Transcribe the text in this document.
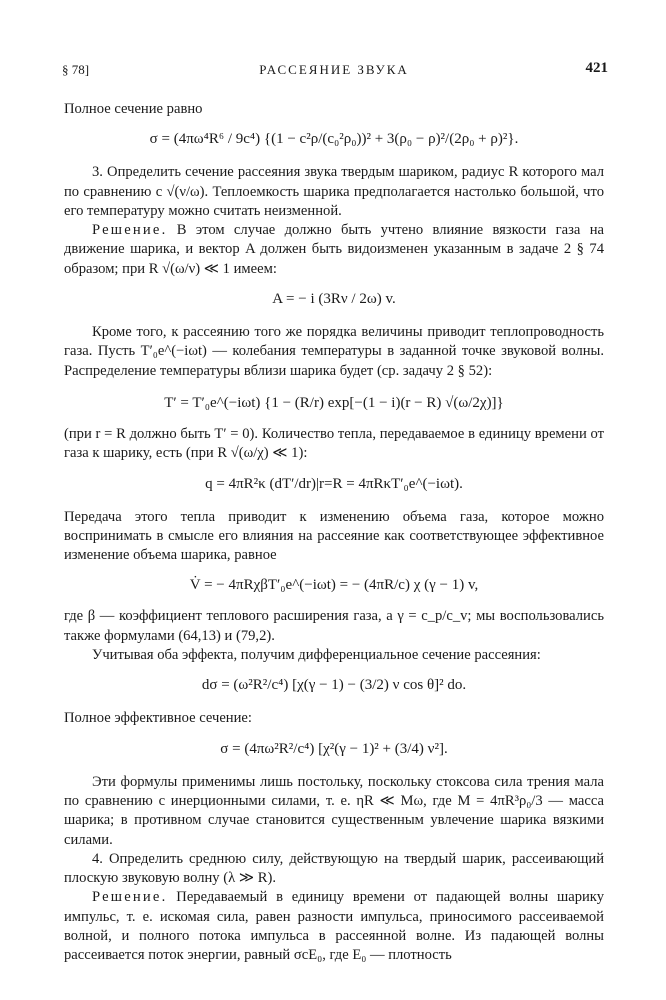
§ 78]	РАССЕЯНИЕ ЗВУКА	421

Полное сечение равно

σ = (4πω⁴R⁶ / 9c⁴) {(1 − c²ρ/(c₀²ρ₀))² + 3(ρ₀ − ρ)²/(2ρ₀ + ρ)²}.

3. Определить сечение рассеяния звука твердым шариком, радиус R которого мал по сравнению с √(ν/ω). Теплоемкость шарика предполагается настолько большой, что его температуру можно считать неизменной.

Решение. В этом случае должно быть учтено влияние вязкости газа на движение шарика, и вектор A должен быть видоизменен указанным в задаче 2 § 74 образом; при R √(ω/ν) ≪ 1 имеем:

A = − i (3Rν / 2ω) v.

Кроме того, к рассеянию того же порядка величины приводит теплопроводность газа. Пусть T′₀e^(−iωt) — колебания температуры в заданной точке звуковой волны. Распределение температуры вблизи шарика будет (ср. задачу 2 § 52):

T′ = T′₀e^(−iωt) {1 − (R/r) exp[−(1 − i)(r − R) √(ω/2χ)]}

(при r = R должно быть T′ = 0). Количество тепла, передаваемое в единицу времени от газа к шарику, есть (при R √(ω/χ) ≪ 1):

q = 4πR²κ (dT′/dr)|r=R = 4πRκT′₀e^(−iωt).

Передача этого тепла приводит к изменению объема газа, которое можно воспринимать в смысле его влияния на рассеяние как соответствующее эффективное изменение объема шарика, равное

V̇ = − 4πRχβT′₀e^(−iωt) = − (4πR/c) χ (γ − 1) v,

где β — коэффициент теплового расширения газа, а γ = c_p/c_v; мы воспользовались также формулами (64,13) и (79,2).

Учитывая оба эффекта, получим дифференциальное сечение рассеяния:

dσ = (ω²R²/c⁴) [χ(γ − 1) − (3/2) ν cos θ]² do.

Полное эффективное сечение:

σ = (4πω²R²/c⁴) [χ²(γ − 1)² + (3/4) ν²].

Эти формулы применимы лишь постольку, поскольку стоксова сила трения мала по сравнению с инерционными силами, т. е. ηR ≪ Mω, где M = 4πR³ρ₀/3 — масса шарика; в противном случае становится существенным увлечение шарика вязкими силами.

4. Определить среднюю силу, действующую на твердый шарик, рассеивающий плоскую звуковую волну (λ ≫ R).

Решение. Передаваемый в единицу времени от падающей волны шарику импульс, т. е. искомая сила, равен разности импульса, приносимого рассеиваемой волной, и полного потока импульса в рассеянной волне. Из падающей волны рассеивается поток энергии, равный σcE₀, где E₀ — плотность
